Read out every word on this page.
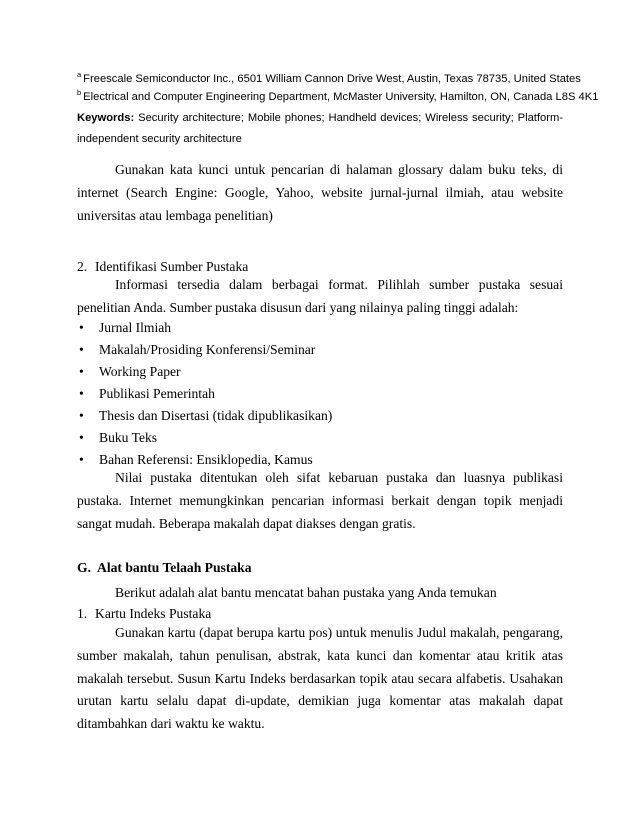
$^a$ Freescale Semiconductor Inc., 6501 William Cannon Drive West, Austin, Texas 78735, United States
$^b$ Electrical and Computer Engineering Department, McMaster University, Hamilton, ON, Canada L8S 4K1
Keywords: Security architecture; Mobile phones; Handheld devices; Wireless security; Platform-independent security architecture
Gunakan kata kunci untuk pencarian di halaman glossary dalam buku teks, di internet (Search Engine: Google, Yahoo, website jurnal-jurnal ilmiah, atau website universitas atau lembaga penelitian)
2. Identifikasi Sumber Pustaka
Informasi tersedia dalam berbagai format. Pilihlah sumber pustaka sesuai penelitian Anda. Sumber pustaka disusun dari yang nilainya paling tinggi adalah:
• Jurnal Ilmiah
• Makalah/Prosiding Konferensi/Seminar
• Working Paper
• Publikasi Pemerintah
• Thesis dan Disertasi (tidak dipublikasikan)
• Buku Teks
• Bahan Referensi: Ensiklopedia, Kamus
Nilai pustaka ditentukan oleh sifat kebaruan pustaka dan luasnya publikasi pustaka. Internet memungkinkan pencarian informasi berkait dengan topik menjadi sangat mudah. Beberapa makalah dapat diakses dengan gratis.
G.  Alat bantu Telaah Pustaka
Berikut adalah alat bantu mencatat bahan pustaka yang Anda temukan
1. Kartu Indeks Pustaka
Gunakan kartu (dapat berupa kartu pos) untuk menulis Judul makalah, pengarang, sumber makalah, tahun penulisan, abstrak, kata kunci dan komentar atau kritik atas makalah tersebut. Susun Kartu Indeks berdasarkan topik atau secara alfabetis. Usahakan urutan kartu selalu dapat di-update, demikian juga komentar atas makalah dapat ditambahkan dari waktu ke waktu.
